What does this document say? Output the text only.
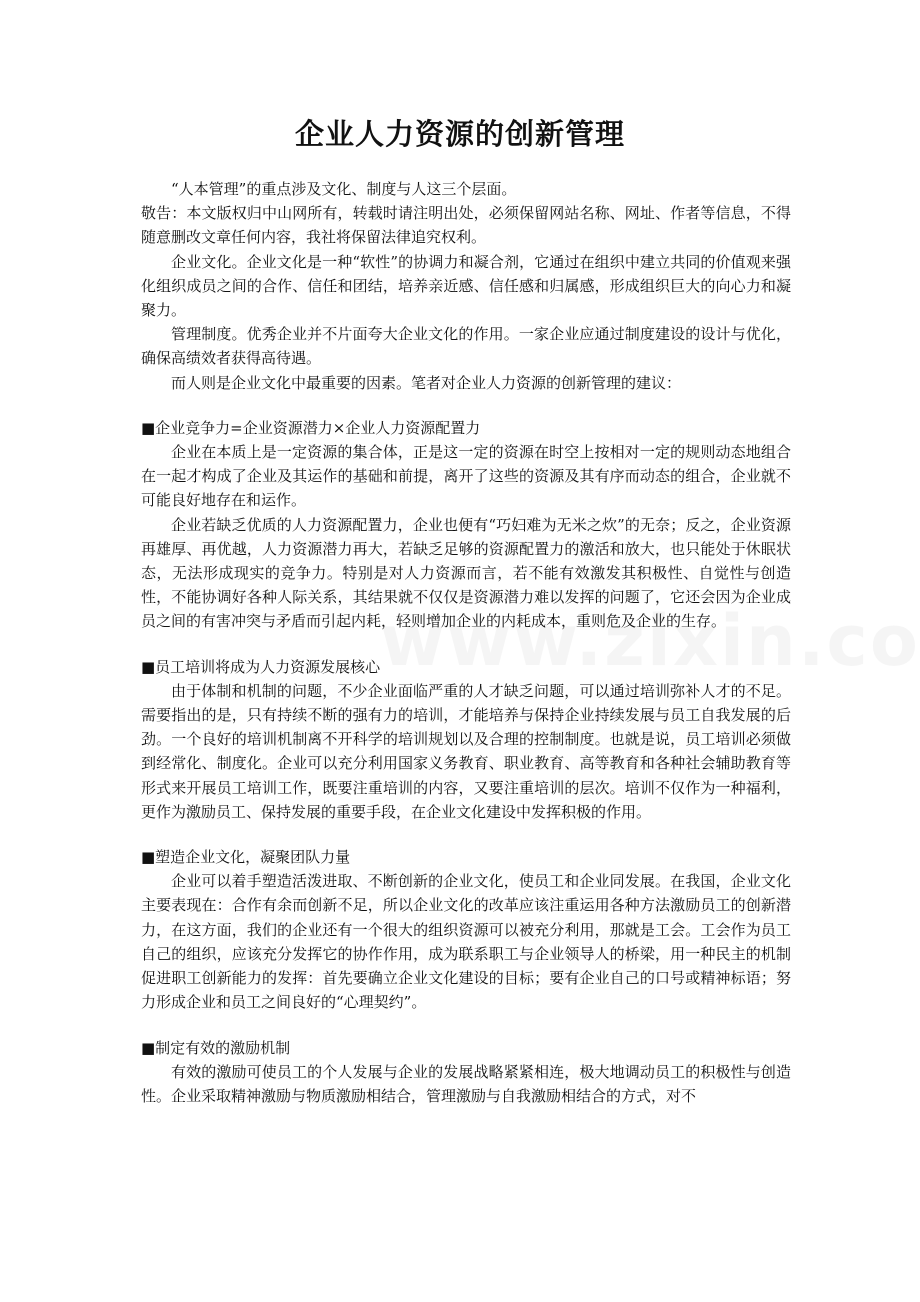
企业人力资源的创新管理

“人本管理”的重点涉及文化、制度与人这三个层面。

敬告：本文版权归中山网所有，转载时请注明出处，必须保留网站名称、网址、作者等信息，不得随意删改文章任何内容，我社将保留法律追究权利。

企业文化。企业文化是一种“软性”的协调力和凝合剂，它通过在组织中建立共同的价值观来强化组织成员之间的合作、信任和团结，培养亲近感、信任感和归属感，形成组织巨大的向心力和凝聚力。

管理制度。优秀企业并不片面夸大企业文化的作用。一家企业应通过制度建设的设计与优化，确保高绩效者获得高待遇。

而人则是企业文化中最重要的因素。笔者对企业人力资源的创新管理的建议：

■企业竞争力=企业资源潜力×企业人力资源配置力

企业在本质上是一定资源的集合体，正是这一定的资源在时空上按相对一定的规则动态地组合在一起才构成了企业及其运作的基础和前提，离开了这些的资源及其有序而动态的组合，企业就不可能良好地存在和运作。

企业若缺乏优质的人力资源配置力，企业也便有“巧妇难为无米之炊”的无奈；反之，企业资源再雄厚、再优越，人力资源潜力再大，若缺乏足够的资源配置力的激活和放大，也只能处于休眠状态，无法形成现实的竞争力。特别是对人力资源而言，若不能有效激发其积极性、自觉性与创造性，不能协调好各种人际关系，其结果就不仅仅是资源潜力难以发挥的问题了，它还会因为企业成员之间的有害冲突与矛盾而引起内耗，轻则增加企业的内耗成本，重则危及企业的生存。

■员工培训将成为人力资源发展核心

由于体制和机制的问题，不少企业面临严重的人才缺乏问题，可以通过培训弥补人才的不足。需要指出的是，只有持续不断的强有力的培训，才能培养与保持企业持续发展与员工自我发展的后劲。一个良好的培训机制离不开科学的培训规划以及合理的控制制度。也就是说，员工培训必须做到经常化、制度化。企业可以充分利用国家义务教育、职业教育、高等教育和各种社会辅助教育等形式来开展员工培训工作，既要注重培训的内容，又要注重培训的层次。培训不仅作为一种福利，更作为激励员工、保持发展的重要手段，在企业文化建设中发挥积极的作用。

■塑造企业文化，凝聚团队力量

企业可以着手塑造活泼进取、不断创新的企业文化，使员工和企业同发展。在我国，企业文化主要表现在：合作有余而创新不足，所以企业文化的改革应该注重运用各种方法激励员工的创新潜力，在这方面，我们的企业还有一个很大的组织资源可以被充分利用，那就是工会。工会作为员工自己的组织，应该充分发挥它的协作作用，成为联系职工与企业领导人的桥梁，用一种民主的机制促进职工创新能力的发挥：首先要确立企业文化建设的目标；要有企业自己的口号或精神标语；努力形成企业和员工之间良好的“心理契约”。

■制定有效的激励机制

有效的激励可使员工的个人发展与企业的发展战略紧紧相连，极大地调动员工的积极性与创造性。企业采取精神激励与物质激励相结合，管理激励与自我激励相结合的方式，对不
